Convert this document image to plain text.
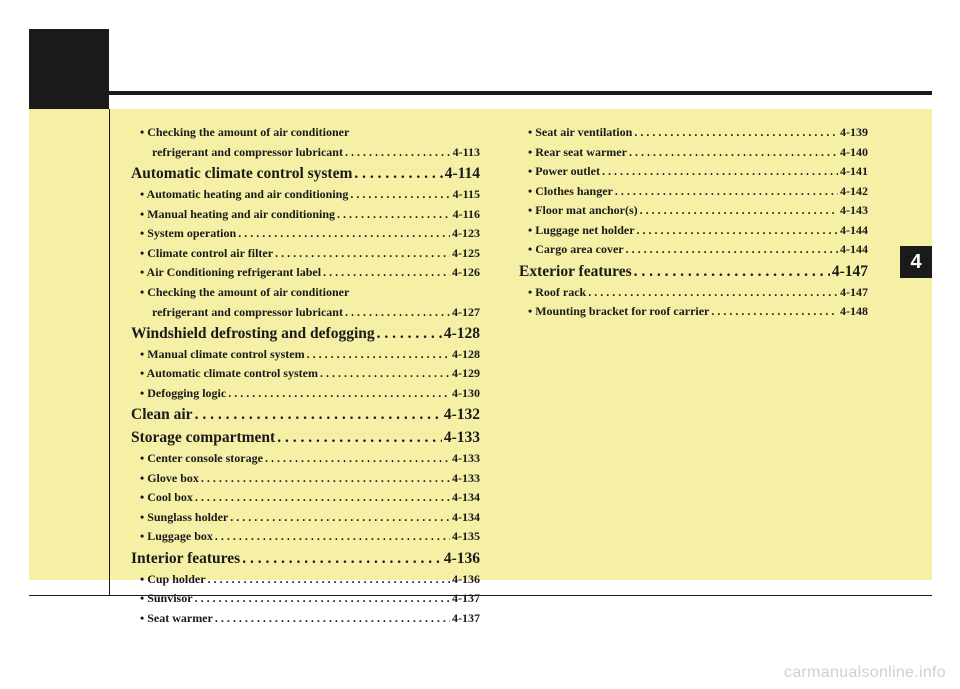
• Checking the amount of air conditioner
refrigerant and compressor lubricant . . .	4-113
Automatic climate control system . . .	4-114
• Automatic heating and air conditioning . . .	4-115
• Manual heating and air conditioning . . .	4-116
• System operation . . .	4-123
• Climate control air filter . . .	4-125
• Air Conditioning refrigerant label . . .	4-126
• Checking the amount of air conditioner
refrigerant and compressor lubricant . . .	4-127
Windshield defrosting and defogging . . .	4-128
• Manual climate control system . . .	4-128
• Automatic climate control system . . .	4-129
• Defogging logic . . .	4-130
Clean air . . .	4-132
Storage compartment . . .	4-133
• Center console storage . . .	4-133
• Glove box . . .	4-133
• Cool box . . .	4-134
• Sunglass holder . . .	4-134
• Luggage box . . .	4-135
Interior features . . .	4-136
• Cup holder . . .	4-136
• Sunvisor . . .	4-137
• Seat warmer . . .	4-137
• Seat air ventilation . . .	4-139
• Rear seat warmer . . .	4-140
• Power outlet . . .	4-141
• Clothes hanger . . .	4-142
• Floor mat anchor(s) . . .	4-143
• Luggage net holder . . .	4-144
• Cargo area cover . . .	4-144
Exterior features . . .	4-147
• Roof rack . . .	4-147
• Mounting bracket for roof carrier . . .	4-148
4
carmanualsonline.info
